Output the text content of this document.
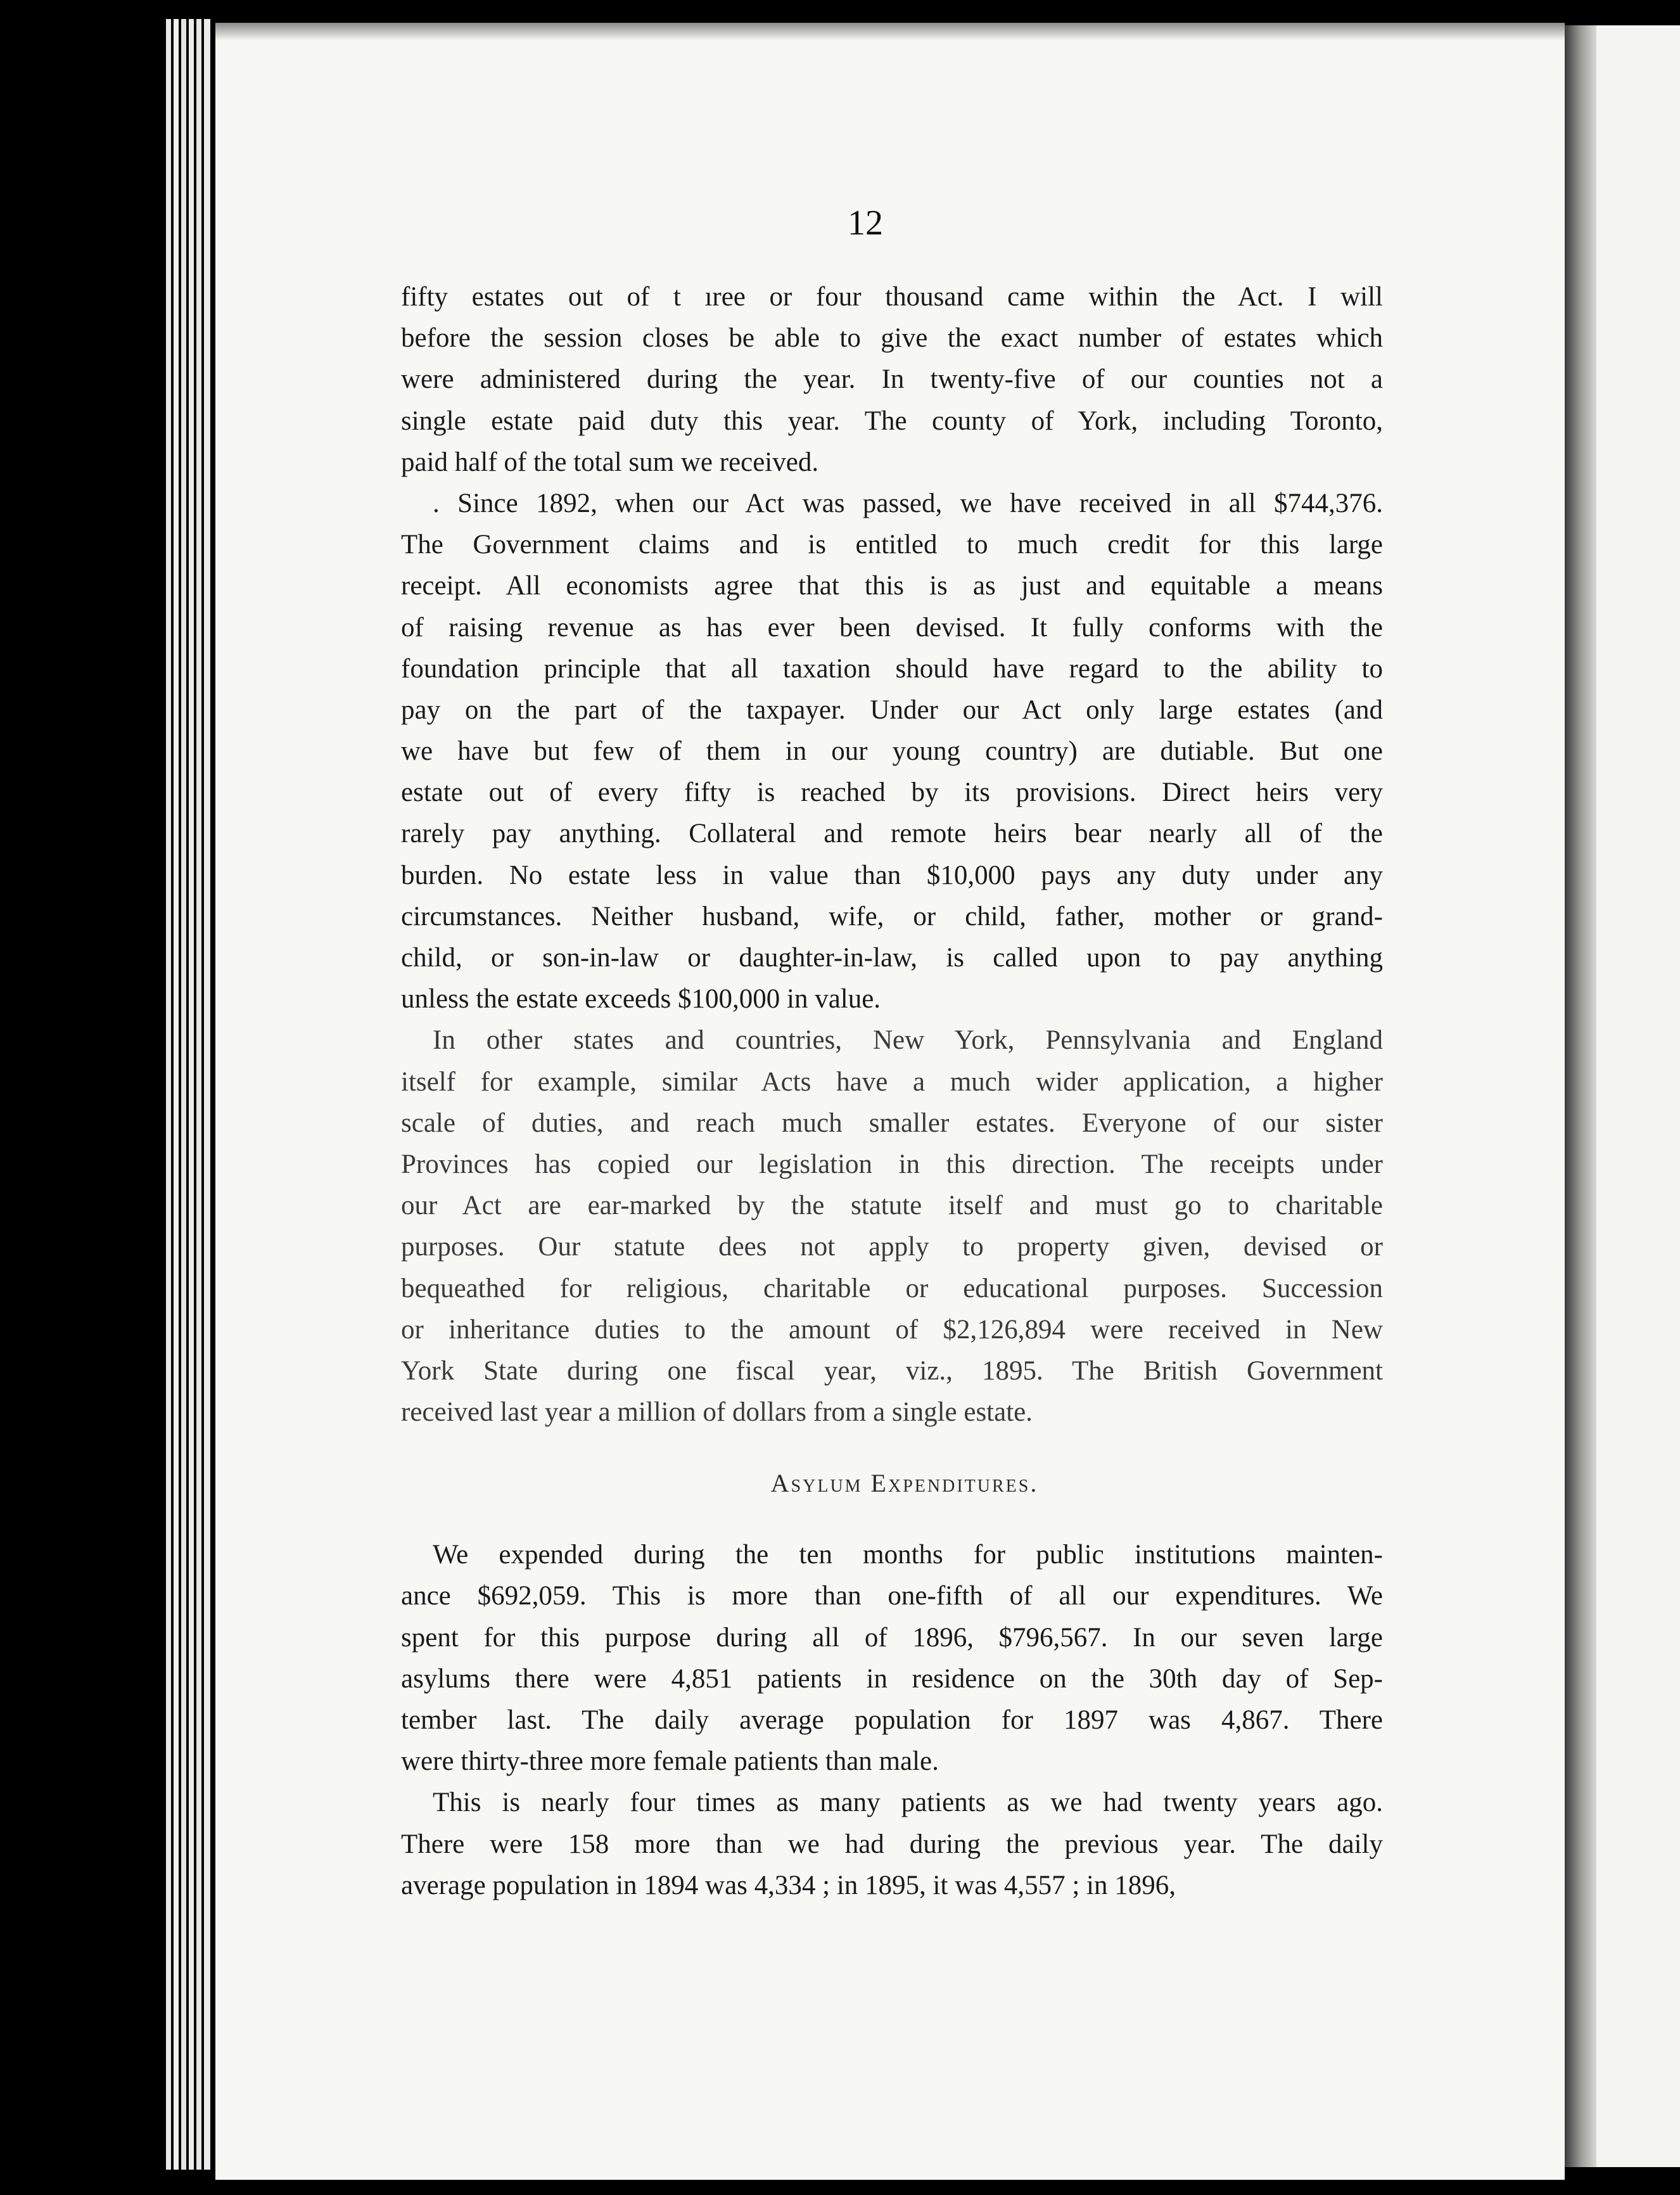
12
fifty estates out of t ıree or four thousand came within the Act. I will
before the session closes be able to give the exact number of estates which
were administered during the year. In twenty-five of our counties not a
single estate paid duty this year. The county of York, including Toronto,
paid half of the total sum we received.
. Since 1892, when our Act was passed, we have received in all $744,376.
The Government claims and is entitled to much credit for this large
receipt. All economists agree that this is as just and equitable a means
of raising revenue as has ever been devised. It fully conforms with the
foundation principle that all taxation should have regard to the ability to
pay on the part of the taxpayer. Under our Act only large estates (and
we have but few of them in our young country) are dutiable. But one
estate out of every fifty is reached by its provisions. Direct heirs very
rarely pay anything. Collateral and remote heirs bear nearly all of the
burden. No estate less in value than $10,000 pays any duty under any
circumstances. Neither husband, wife, or child, father, mother or grand-
child, or son-in-law or daughter-in-law, is called upon to pay anything
unless the estate exceeds $100,000 in value.
In other states and countries, New York, Pennsylvania and England
itself for example, similar Acts have a much wider application, a higher
scale of duties, and reach much smaller estates. Everyone of our sister
Provinces has copied our legislation in this direction. The receipts under
our Act are ear-marked by the statute itself and must go to charitable
purposes. Our statute dees not apply to property given, devised or
bequeathed for religious, charitable or educational purposes. Succession
or inheritance duties to the amount of $2,126,894 were received in New
York State during one fiscal year, viz., 1895. The British Government
received last year a million of dollars from a single estate.
Asylum Expenditures.
We expended during the ten months for public institutions mainten-
ance $692,059. This is more than one-fifth of all our expenditures. We
spent for this purpose during all of 1896, $796,567. In our seven large
asylums there were 4,851 patients in residence on the 30th day of Sep-
tember last. The daily average population for 1897 was 4,867. There
were thirty-three more female patients than male.
This is nearly four times as many patients as we had twenty years ago.
There were 158 more than we had during the previous year. The daily
average population in 1894 was 4,334 ; in 1895, it was 4,557 ; in 1896,
